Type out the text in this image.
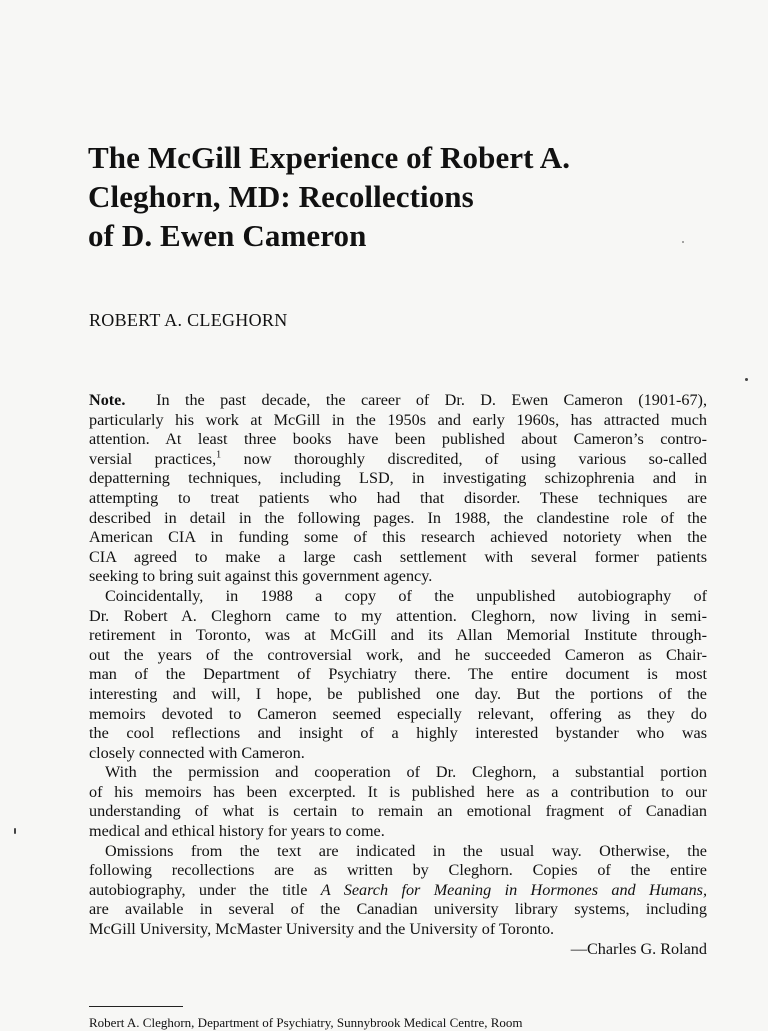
The McGill Experience of Robert A.
Cleghorn, MD: Recollections
of D. Ewen Cameron
ROBERT A. CLEGHORN
Note. In the past decade, the career of Dr. D. Ewen Cameron (1901-67),
particularly his work at McGill in the 1950s and early 1960s, has attracted much
attention. At least three books have been published about Cameron’s contro-
versial practices,$^1$ now thoroughly discredited, of using various so-called
depatterning techniques, including LSD, in investigating schizophrenia and in
attempting to treat patients who had that disorder. These techniques are
described in detail in the following pages. In 1988, the clandestine role of the
American CIA in funding some of this research achieved notoriety when the
CIA agreed to make a large cash settlement with several former patients
seeking to bring suit against this government agency.
Coincidentally, in 1988 a copy of the unpublished autobiography of
Dr. Robert A. Cleghorn came to my attention. Cleghorn, now living in semi-
retirement in Toronto, was at McGill and its Allan Memorial Institute through-
out the years of the controversial work, and he succeeded Cameron as Chair-
man of the Department of Psychiatry there. The entire document is most
interesting and will, I hope, be published one day. But the portions of the
memoirs devoted to Cameron seemed especially relevant, offering as they do
the cool reflections and insight of a highly interested bystander who was
closely connected with Cameron.
With the permission and cooperation of Dr. Cleghorn, a substantial portion
of his memoirs has been excerpted. It is published here as a contribution to our
understanding of what is certain to remain an emotional fragment of Canadian
medical and ethical history for years to come.
Omissions from the text are indicated in the usual way. Otherwise, the
following recollections are as written by Cleghorn. Copies of the entire
autobiography, under the title A Search for Meaning in Hormones and Humans,
are available in several of the Canadian university library systems, including
McGill University, McMaster University and the University of Toronto.
—Charles G. Roland
Robert A. Cleghorn, Department of Psychiatry, Sunnybrook Medical Centre, Room
